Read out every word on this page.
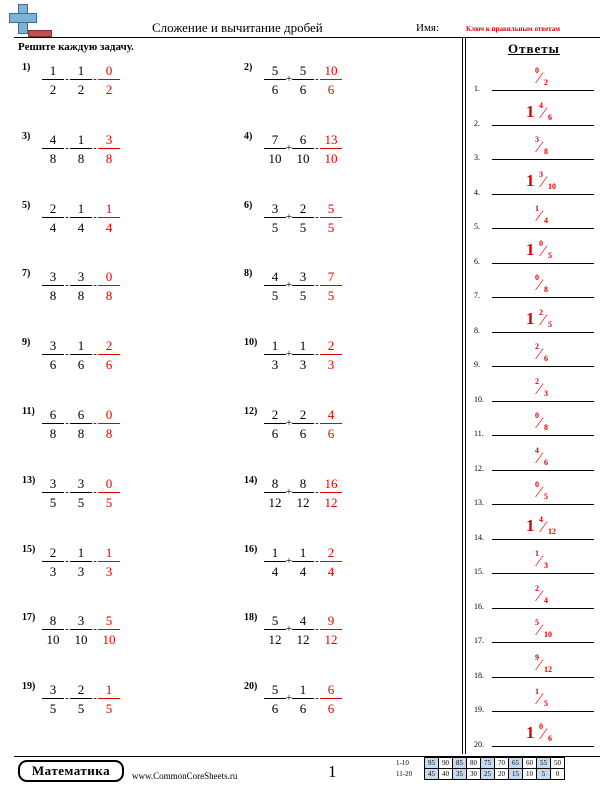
Сложение и вычитание дробей	Имя:	Ключ к правильным ответам
Решите каждую задачу.
$1) \frac{1}{2} - \frac{1}{2} - \frac{0}{2}$	$2) \frac{5}{6} + \frac{5}{6} - \frac{10}{6}$
$3) \frac{4}{8} - \frac{1}{8} - \frac{3}{8}$	$4) \frac{7}{10} + \frac{6}{10} - \frac{13}{10}$
$5) \frac{2}{4} - \frac{1}{4} - \frac{1}{4}$	$6) \frac{3}{5} + \frac{2}{5} - \frac{5}{5}$
$7) \frac{3}{8} - \frac{3}{8} - \frac{0}{8}$	$8) \frac{4}{5} + \frac{3}{5} - \frac{7}{5}$
$9) \frac{3}{6} - \frac{1}{6} - \frac{2}{6}$	$10) \frac{1}{3} + \frac{1}{3} - \frac{2}{3}$
$11) \frac{6}{8} - \frac{6}{8} - \frac{0}{8}$	$12) \frac{2}{6} + \frac{2}{6} - \frac{4}{6}$
$13) \frac{3}{5} - \frac{3}{5} - \frac{0}{5}$	$14) \frac{8}{12} + \frac{8}{12} - \frac{16}{12}$
$15) \frac{2}{3} - \frac{1}{3} - \frac{1}{3}$	$16) \frac{1}{4} + \frac{1}{4} - \frac{2}{4}$
$17) \frac{8}{10} - \frac{3}{10} - \frac{5}{10}$	$18) \frac{5}{12} + \frac{4}{12} - \frac{9}{12}$
$19) \frac{3}{5} - \frac{2}{5} - \frac{1}{5}$	$20) \frac{5}{6} + \frac{1}{6} - \frac{6}{6}$
Ответы
1.
0 ⁄ 2
2.
1 4 ⁄ 6
3.
3 ⁄ 8
4.
1 3 ⁄ 10
5.
1 ⁄ 4
6.
1 0 ⁄ 5
7.
0 ⁄ 8
8.
1 2 ⁄ 5
9.
2 ⁄ 6
10.
2 ⁄ 3
11.
0 ⁄ 8
12.
4 ⁄ 6
13.
0 ⁄ 5
14.
1 4 ⁄ 12
15.
1 ⁄ 3
16.
2 ⁄ 4
17.
5 ⁄ 10
18.
9 ⁄ 12
19.
1 ⁄ 5
20.
1 0 ⁄ 6
Математика	www.CommonCoreSheets.ru	1	1-10
11-20
95	90	85	80	75	70	65	60	55	50
45	40	35	30	25	20	15	10	5	0
